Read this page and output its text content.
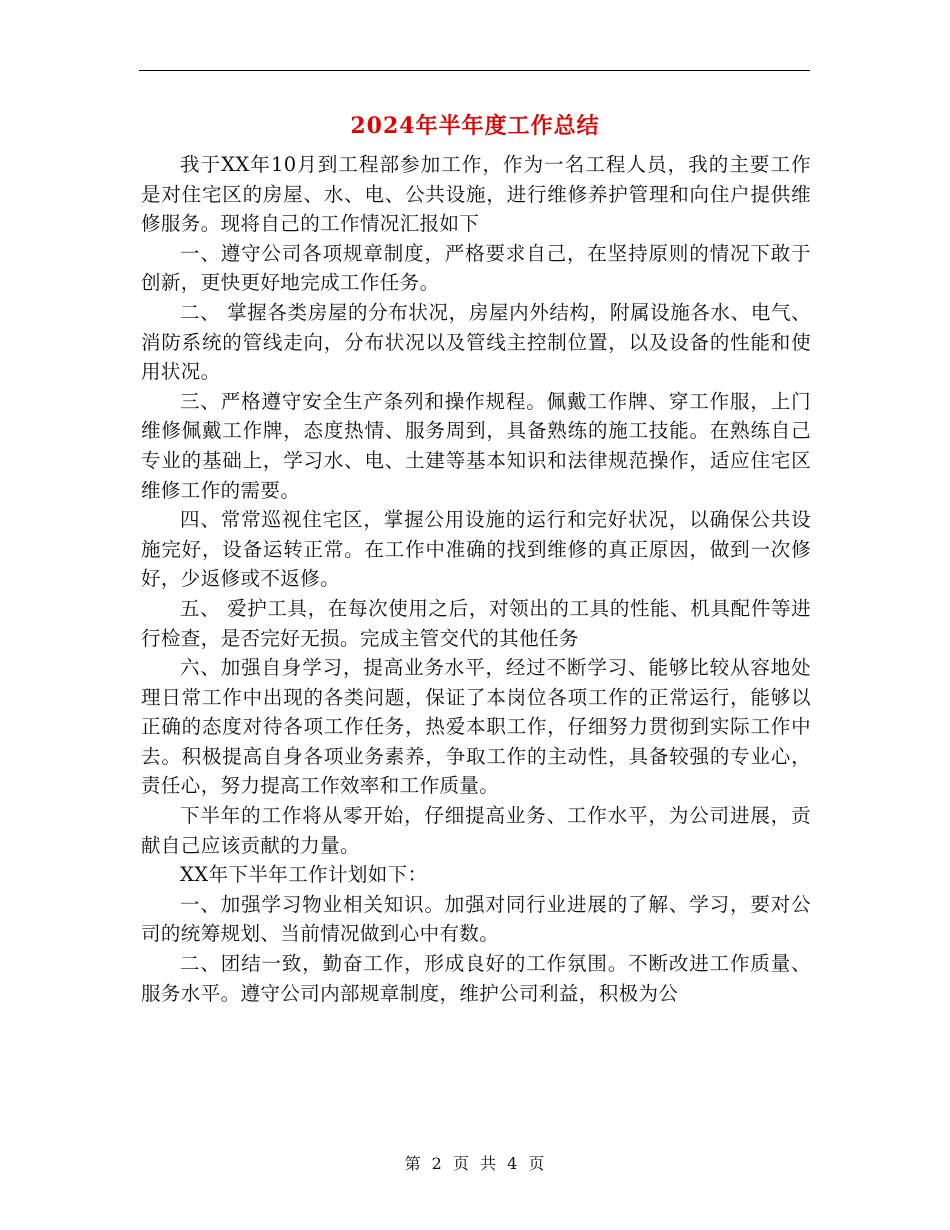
2024年半年度工作总结

我于XX年10月到工程部参加工作，作为一名工程人员，我的主要工作是对住宅区的房屋、水、电、公共设施，进行维修养护管理和向住户提供维修服务。现将自己的工作情况汇报如下

一、遵守公司各项规章制度，严格要求自己，在坚持原则的情况下敢于创新，更快更好地完成工作任务。

二、 掌握各类房屋的分布状况，房屋内外结构，附属设施各水、电气、消防系统的管线走向，分布状况以及管线主控制位置，以及设备的性能和使用状况。

三、严格遵守安全生产条列和操作规程。佩戴工作牌、穿工作服，上门维修佩戴工作牌，态度热情、服务周到，具备熟练的施工技能。在熟练自己专业的基础上，学习水、电、土建等基本知识和法律规范操作，适应住宅区维修工作的需要。

四、常常巡视住宅区，掌握公用设施的运行和完好状况，以确保公共设施完好，设备运转正常。在工作中准确的找到维修的真正原因，做到一次修好，少返修或不返修。

五、 爱护工具，在每次使用之后，对领出的工具的性能、机具配件等进行检查，是否完好无损。完成主管交代的其他任务

六、加强自身学习，提高业务水平，经过不断学习、能够比较从容地处理日常工作中出现的各类问题，保证了本岗位各项工作的正常运行，能够以正确的态度对待各项工作任务，热爱本职工作，仔细努力贯彻到实际工作中去。积极提高自身各项业务素养，争取工作的主动性，具备较强的专业心，责任心，努力提高工作效率和工作质量。

下半年的工作将从零开始，仔细提高业务、工作水平，为公司进展，贡献自己应该贡献的力量。

XX年下半年工作计划如下：

一、加强学习物业相关知识。加强对同行业进展的了解、学习，要对公司的统筹规划、当前情况做到心中有数。

二、团结一致，勤奋工作，形成良好的工作氛围。不断改进工作质量、服务水平。遵守公司内部规章制度，维护公司利益，积极为公

第 2 页 共 4 页
